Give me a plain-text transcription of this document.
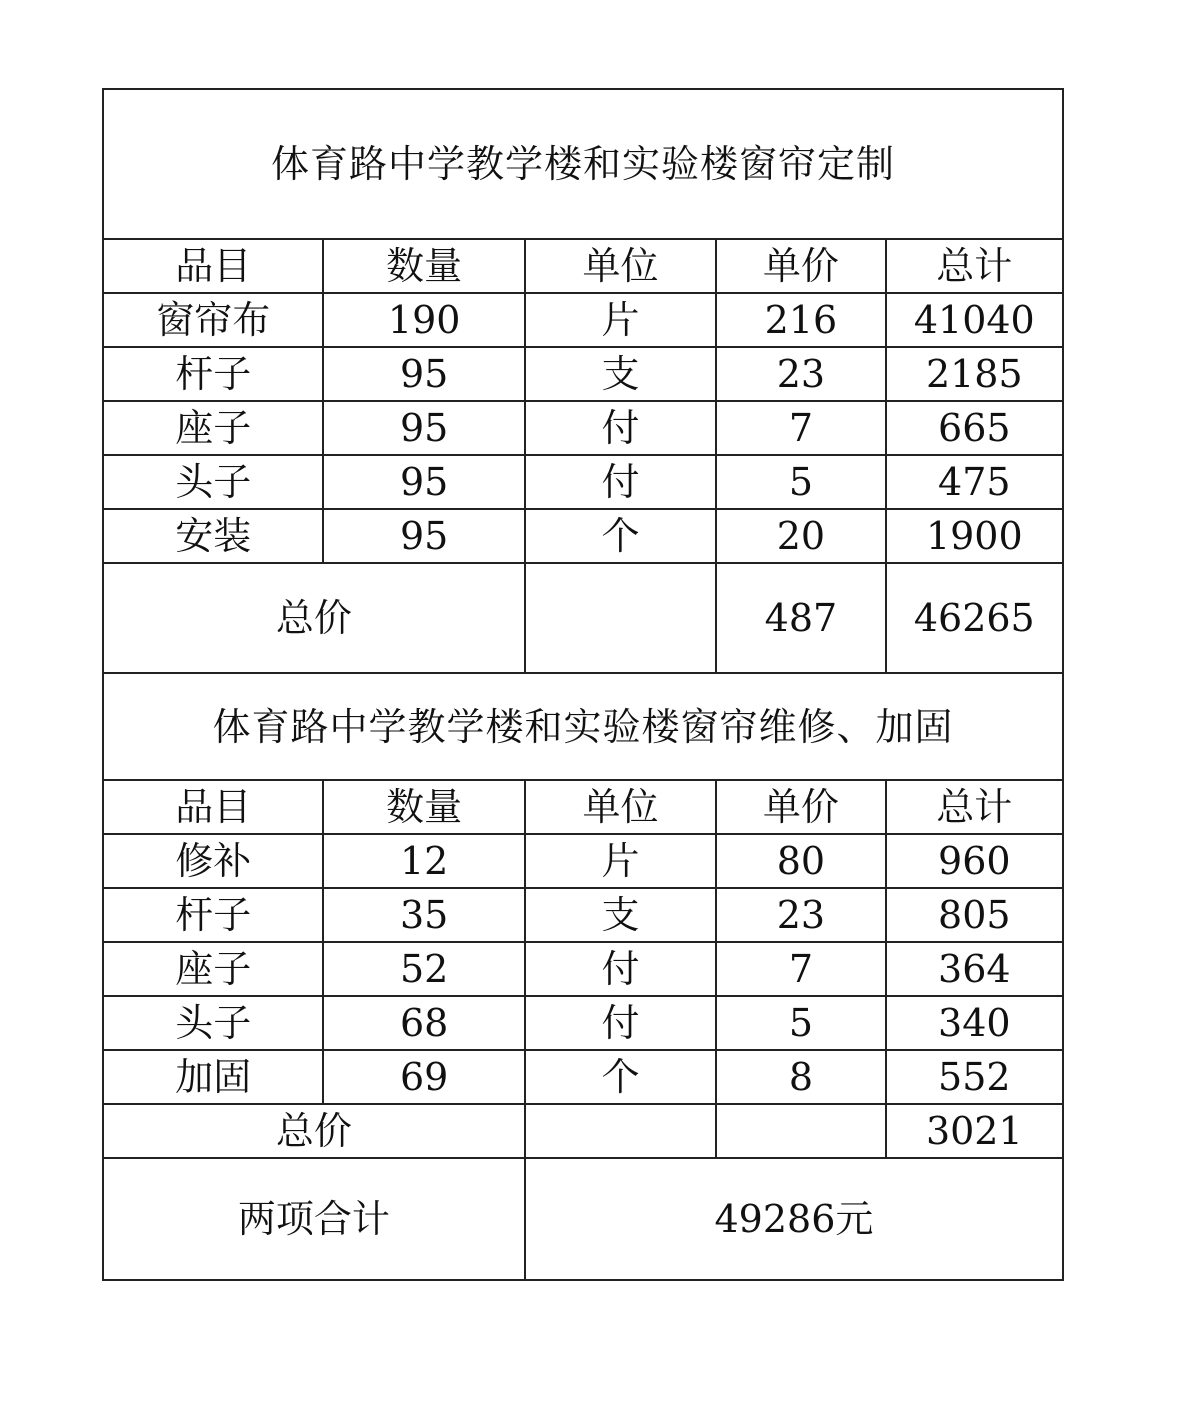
体育路中学教学楼和实验楼窗帘定制				
品目	数量	单位	单价	总计
窗帘布	190	片	216	41040
杆子	95	支	23	2185
座子	95	付	7	665
头子	95	付	5	475
安装	95	个	20	1900
总价			487	46265
体育路中学教学楼和实验楼窗帘维修、加固				
品目	数量	单位	单价	总计
修补	12	片	80	960
杆子	35	支	23	805
座子	52	付	7	364
头子	68	付	5	340
加固	69	个	8	552
总价				3021
两项合计		49286元		
